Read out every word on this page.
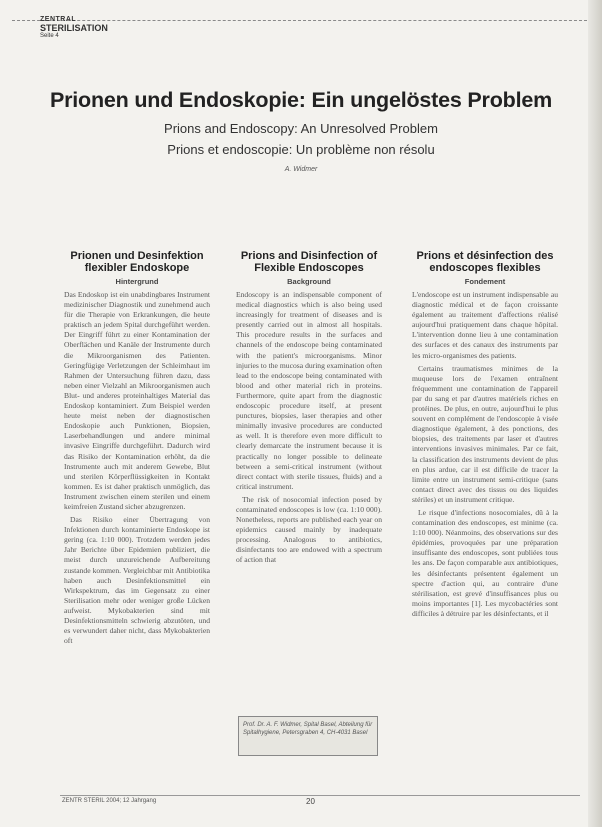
ZENTRAL
STERILISATION
Seite 4
Prionen und Endoskopie: Ein ungelöstes Problem
Prions and Endoscopy: An Unresolved Problem
Prions et endoscopie: Un problème non résolu
A. Widmer
Prionen und Desinfektion flexibler Endoskope
Hintergrund

Das Endoskop ist ein unabdingbares Instrument medizinischer Diagnostik und zunehmend auch für die Therapie von Erkrankungen, die heute praktisch an jedem Spital durchgeführt werden. Der Eingriff führt zu einer Kontamination der Oberflächen und Kanäle der Instrumente durch die Mikroorganismen des Patienten. Geringfügige Verletzungen der Schleimhaut im Rahmen der Untersuchung führen dazu, dass neben einer Vielzahl an Mikroorganismen auch Blut- und anderes proteinhaltiges Material das Endoskop kontaminiert. Zum Beispiel werden heute meist neben der diagnostischen Endoskopie auch Punktionen, Biopsien, Laserbehandlungen und andere minimal invasive Eingriffe durchgeführt. Dadurch wird das Risiko der Kontamination erhöht, da die Instrumente auch mit anderem Gewebe, Blut und sterilen Körperflüssigkeiten in Kontakt kommen. Es ist daher praktisch unmöglich, das Instrument zwischen einem sterilen und einem keimfreien Zustand sicher abzugrenzen.

Das Risiko einer Übertragung von Infektionen durch kontaminierte Endoskope ist gering (ca. 1:10 000). Trotzdem werden jedes Jahr Berichte über Epidemien publiziert, die meist durch unzureichende Aufbereitung zustande kommen. Vergleichbar mit Antibiotika haben auch Desinfektionsmittel ein Wirkspektrum, das im Gegensatz zu einer Sterilisation mehr oder weniger große Lücken aufweist. Mykobakterien sind mit Desinfektionsmitteln schwierig abzutöten, und es verwundert daher nicht, dass Mykobakterien oft

Prions and Disinfection of Flexible Endoscopes
Background

Endoscopy is an indispensable component of medical diagnostics which is also being used increasingly for treatment of diseases and is presently carried out in almost all hospitals. This procedure results in the surfaces and channels of the endoscope being contaminated with the patient's microorganisms. Minor injuries to the mucosa during examination often lead to the endoscope being contaminated with blood and other material rich in proteins. Furthermore, quite apart from the diagnostic endoscopic procedure itself, at present punctures, biopsies, laser therapies and other minimally invasive procedures are conducted as well. It is therefore even more difficult to clearly demarcate the instrument because it is practically no longer possible to delineate between a semi-critical instrument (without direct contact with sterile tissues, fluids) and a critical instrument.

The risk of nosocomial infection posed by contaminated endoscopes is low (ca. 1:10 000). Nonetheless, reports are published each year on epidemics caused mainly by inadequate processing. Analogous to antibiotics, disinfectants too are endowed with a spectrum of action that

Prions et désinfection des endoscopes flexibles
Fondement

L'endoscope est un instrument indispensable au diagnostic médical et de façon croissante également au traitement d'affections réalisé aujourd'hui pratiquement dans chaque hôpital. L'intervention donne lieu à une contamination des surfaces et des canaux des instruments par les micro-organismes des patients.

Certains traumatismes minimes de la muqueuse lors de l'examen entraînent fréquemment une contamination de l'appareil par du sang et par d'autres matériels riches en protéines. De plus, en outre, aujourd'hui le plus souvent en complément de l'endoscopie à visée diagnostique également, à des ponctions, des biopsies, des traitements par laser et d'autres interventions invasives minimales. Par ce fait, la classification des instruments devient de plus en plus ardue, car il est difficile de tracer la limite entre un instrument semi-critique (sans contact direct avec des tissus ou des liquides stériles) et un instrument critique.

Le risque d'infections nosocomiales, dû à la contamination des endoscopes, est minime (ca. 1:10 000). Néanmoins, des observations sur des épidémies, provoquées par une préparation insuffisante des endoscopes, sont publiées tous les ans. De façon comparable aux antibiotiques, les désinfectants présentent également un spectre d'action qui, au contraire d'une stérilisation, est grevé d'insuffisances plus ou moins importantes [1]. Les mycobactéries sont difficiles à détruire par les désinfectants, et il

Prof. Dr. A. F. Widmer, Spital Basel, Abteilung für Spitalhygiene, Petersgraben 4, CH-4031 Basel
ZENTR STERIL 2004; 12 Jahrgang	20
